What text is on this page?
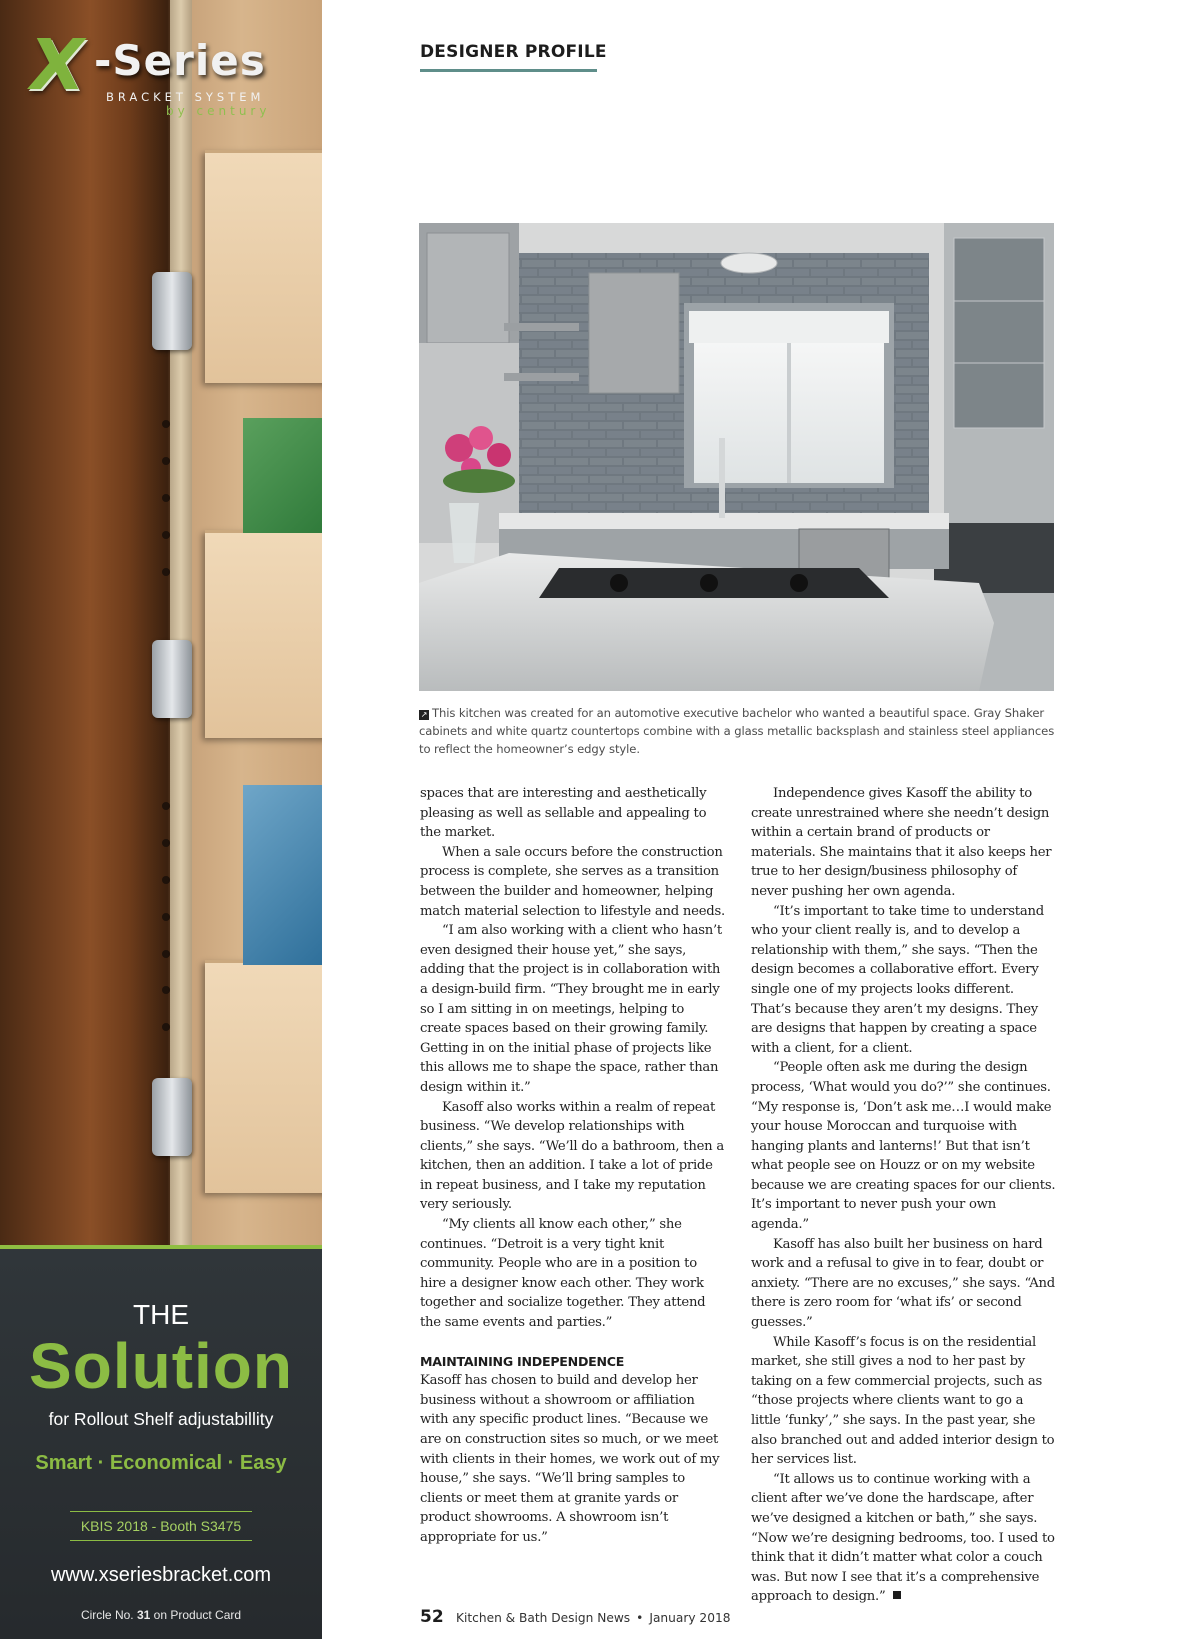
X -Series
BRACKET SYSTEM
by century
THE
Solution
for Rollout Shelf adjustabillity
Smart · Economical · Easy
KBIS 2018 - Booth S3475
www.xseriesbracket.com
Circle No. 31 on Product Card
DESIGNER PROFILE

↗ This kitchen was created for an automotive executive bachelor who wanted a beautiful space. Gray Shaker cabinets and white quartz countertops combine with a glass metallic backsplash and stainless steel appliances to reflect the homeowner’s edgy style.

spaces that are interesting and aesthetically pleasing as well as sellable and appealing to the market.

When a sale occurs before the construction process is complete, she serves as a transition between the builder and homeowner, helping match material selection to lifestyle and needs.

“I am also working with a client who hasn’t even designed their house yet,” she says, adding that the project is in collaboration with a design-build firm. “They brought me in early so I am sitting in on meetings, helping to create spaces based on their growing family. Getting in on the initial phase of projects like this allows me to shape the space, rather than design within it.”

Kasoff also works within a realm of repeat business. “We develop relationships with clients,” she says. “We’ll do a bathroom, then a kitchen, then an addition. I take a lot of pride in repeat business, and I take my reputation very seriously.

“My clients all know each other,” she continues. “Detroit is a very tight knit community. People who are in a position to hire a designer know each other. They work together and socialize together. They attend the same events and parties.”

MAINTAINING INDEPENDENCE

Kasoff has chosen to build and develop her business without a showroom or affiliation with any specific product lines. “Because we are on construction sites so much, or we meet with clients in their homes, we work out of my house,” she says. “We’ll bring samples to clients or meet them at granite yards or product showrooms. A showroom isn’t appropriate for us.”

Independence gives Kasoff the ability to create unrestrained where she needn’t design within a certain brand of products or materials. She maintains that it also keeps her true to her design/business philosophy of never pushing her own agenda.

“It’s important to take time to understand who your client really is, and to develop a relationship with them,” she says. “Then the design becomes a collaborative effort. Every single one of my projects looks different. That’s because they aren’t my designs. They are designs that happen by creating a space with a client, for a client.

“People often ask me during the design process, ‘What would you do?’” she continues. “My response is, ‘Don’t ask me…I would make your house Moroccan and turquoise with hanging plants and lanterns!’ But that isn’t what people see on Houzz or on my website because we are creating spaces for our clients. It’s important to never push your own agenda.”

Kasoff has also built her business on hard work and a refusal to give in to fear, doubt or anxiety. “There are no excuses,” she says. “And there is zero room for ‘what ifs’ or second guesses.”

While Kasoff’s focus is on the residential market, she still gives a nod to her past by taking on a few commercial projects, such as “those projects where clients want to go a little ‘funky’,” she says. In the past year, she also branched out and added interior design to her services list.

“It allows us to continue working with a client after we’ve done the hardscape, after we’ve designed a kitchen or bath,” she says. “Now we’re designing bedrooms, too. I used to think that it didn’t matter what color a couch was. But now I see that it’s a comprehensive approach to design.”

52 Kitchen & Bath Design News • January 2018
